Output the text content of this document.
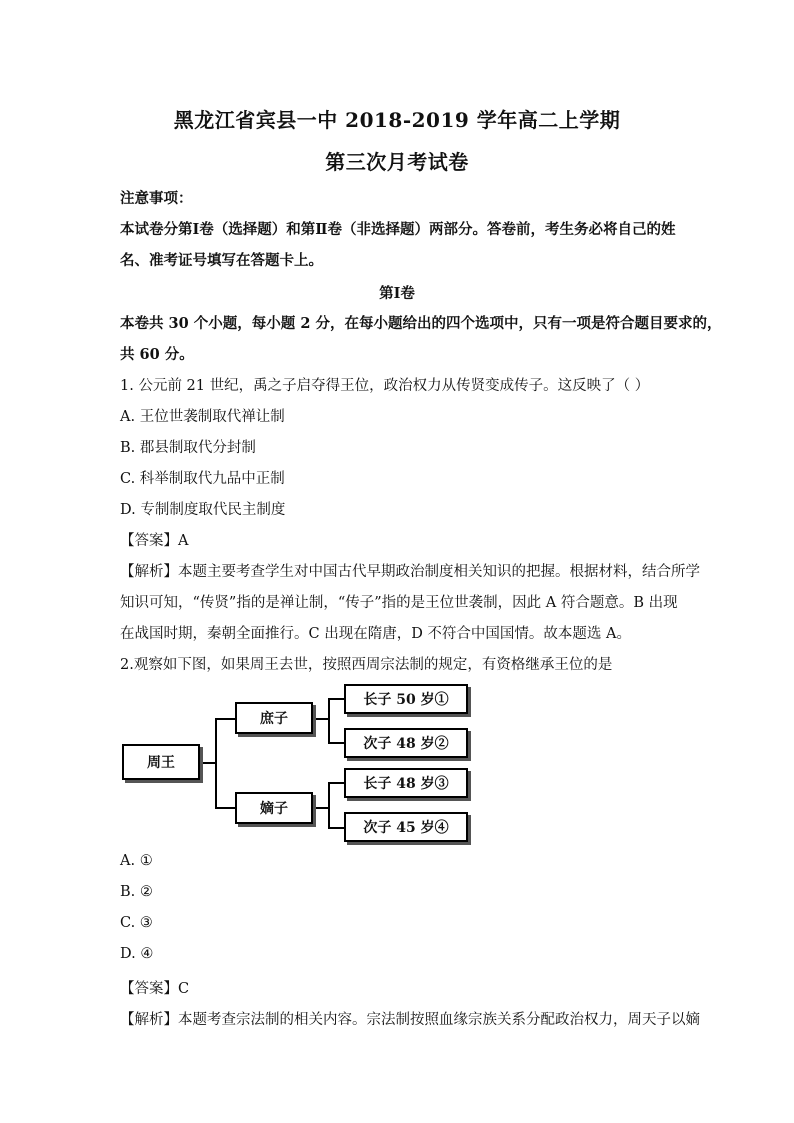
黑龙江省宾县一中 2018-2019 学年高二上学期
第三次月考试卷
注意事项：
本试卷分第Ⅰ卷（选择题）和第Ⅱ卷（非选择题）两部分。答卷前，考生务必将自己的姓
名、准考证号填写在答题卡上。
第Ⅰ卷
本卷共 30 个小题，每小题 2 分，在每小题给出的四个选项中，只有一项是符合题目要求的，
共 60 分。
1. 公元前 21 世纪，禹之子启夺得王位，政治权力从传贤变成传子。这反映了（ ）
A. 王位世袭制取代禅让制
B. 郡县制取代分封制
C. 科举制取代九品中正制
D. 专制制度取代民主制度
【答案】A
【解析】本题主要考查学生对中国古代早期政治制度相关知识的把握。根据材料，结合所学
知识可知，“传贤”指的是禅让制，“传子”指的是王位世袭制，因此 A 符合题意。B 出现
在战国时期，秦朝全面推行。C 出现在隋唐，D 不符合中国国情。故本题选 A。
2.观察如下图，如果周王去世，按照西周宗法制的规定，有资格继承王位的是
周王
庶子
嫡子
长子 50 岁①
次子 48 岁②
长子 48 岁③
次子 45 岁④
A. ①
B. ②
C. ③
D. ④
【答案】C
【解析】本题考查宗法制的相关内容。宗法制按照血缘宗族关系分配政治权力，周天子以嫡
